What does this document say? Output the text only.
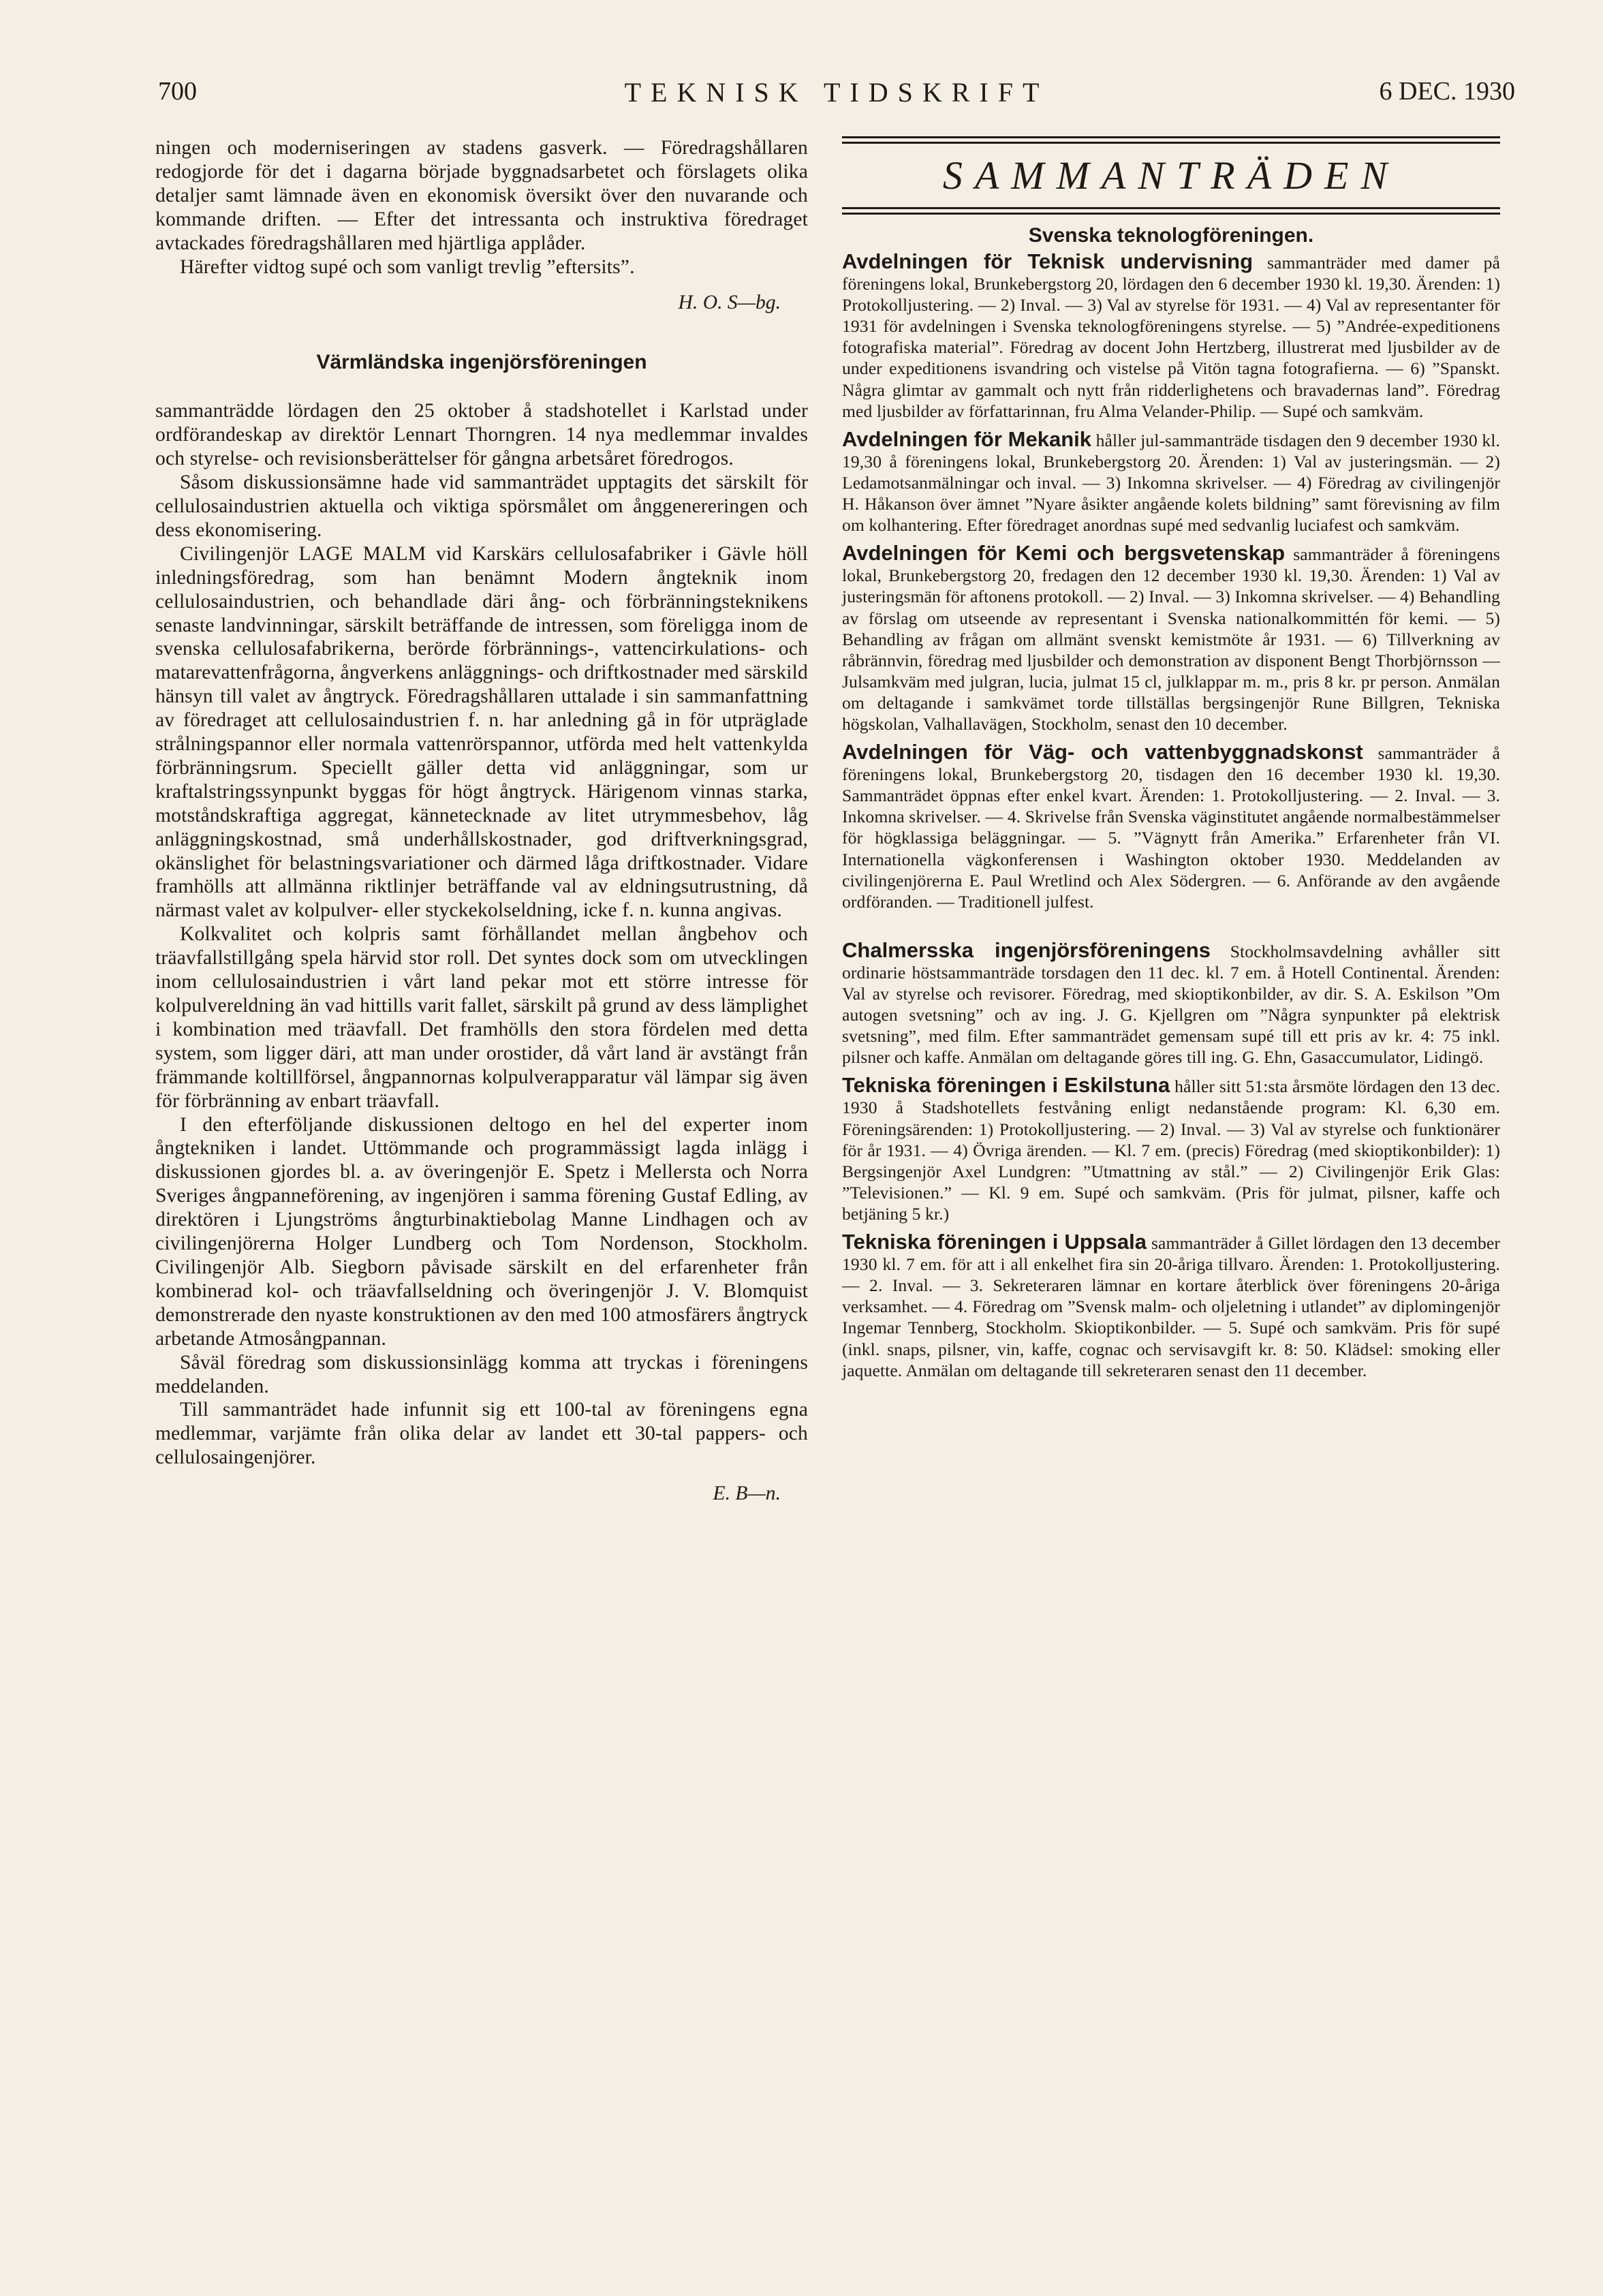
700	TEKNISK TIDSKRIFT	6 DEC. 1930

ningen och moderniseringen av stadens gasverk. — Föredragshållaren redogjorde för det i dagarna började byggnadsarbetet och förslagets olika detaljer samt lämnade även en ekonomisk översikt över den nuvarande och kommande driften. — Efter det intressanta och instruktiva föredraget avtackades föredragshållaren med hjärtliga applåder.

Härefter vidtog supé och som vanligt trevlig ”eftersits”.

H. O. S—bg.
Värmländska ingenjörsföreningen

sammanträdde lördagen den 25 oktober å stadshotellet i Karlstad under ordförandeskap av direktör Lennart Thorngren. 14 nya medlemmar invaldes och styrelse- och revisionsberättelser för gångna arbetsåret föredrogos.

Såsom diskussionsämne hade vid sammanträdet upptagits det särskilt för cellulosaindustrien aktuella och viktiga spörsmålet om ånggenereringen och dess ekonomisering.

Civilingenjör LAGE MALM vid Karskärs cellulosafabriker i Gävle höll inledningsföredrag, som han benämnt Modern ångteknik inom cellulosaindustrien, och behandlade däri ång- och förbränningsteknikens senaste landvinningar, särskilt beträffande de intressen, som föreligga inom de svenska cellulosafabrikerna, berörde förbrännings-, vattencirkulations- och matarevattenfrågorna, ångverkens anläggnings- och driftkostnader med särskild hänsyn till valet av ångtryck. Föredragshållaren uttalade i sin sammanfattning av föredraget att cellulosaindustrien f. n. har anledning gå in för utpräglade strålningspannor eller normala vattenrörspannor, utförda med helt vattenkylda förbränningsrum. Speciellt gäller detta vid anläggningar, som ur kraftalstringssynpunkt byggas för högt ångtryck. Härigenom vinnas starka, motståndskraftiga aggregat, kännetecknade av litet utrymmesbehov, låg anläggningskostnad, små underhållskostnader, god driftverkningsgrad, okänslighet för belastningsvariationer och därmed låga driftkostnader. Vidare framhölls att allmänna riktlinjer beträffande val av eldningsutrustning, då närmast valet av kolpulver- eller styckekolseldning, icke f. n. kunna angivas.

Kolkvalitet och kolpris samt förhållandet mellan ångbehov och träavfallstillgång spela härvid stor roll. Det syntes dock som om utvecklingen inom cellulosaindustrien i vårt land pekar mot ett större intresse för kolpulvereldning än vad hittills varit fallet, särskilt på grund av dess lämplighet i kombination med träavfall. Det framhölls den stora fördelen med detta system, som ligger däri, att man under orostider, då vårt land är avstängt från främmande koltillförsel, ångpannornas kolpulverapparatur väl lämpar sig även för förbränning av enbart träavfall.

I den efterföljande diskussionen deltogo en hel del experter inom ångtekniken i landet. Uttömmande och programmässigt lagda inlägg i diskussionen gjordes bl. a. av överingenjör E. Spetz i Mellersta och Norra Sveriges ångpanneförening, av ingenjören i samma förening Gustaf Edling, av direktören i Ljungströms ångturbinaktiebolag Manne Lindhagen och av civilingenjörerna Holger Lundberg och Tom Nordenson, Stockholm. Civilingenjör Alb. Siegborn påvisade särskilt en del erfarenheter från kombinerad kol- och träavfallseldning och överingenjör J. V. Blomquist demonstrerade den nyaste konstruktionen av den med 100 atmosfärers ångtryck arbetande Atmosångpannan.

Såväl föredrag som diskussionsinlägg komma att tryckas i föreningens meddelanden.

Till sammanträdet hade infunnit sig ett 100-tal av föreningens egna medlemmar, varjämte från olika delar av landet ett 30-tal pappers- och cellulosaingenjörer.

E. B—n.
SAMMANTRÄDEN
Svenska teknologföreningen.

Avdelningen för Teknisk undervisning sammanträder med damer på föreningens lokal, Brunkebergstorg 20, lördagen den 6 december 1930 kl. 19,30. Ärenden: 1) Protokolljustering. — 2) Inval. — 3) Val av styrelse för 1931. — 4) Val av representanter för 1931 för avdelningen i Svenska teknologföreningens styrelse. — 5) ”Andrée-expeditionens fotografiska material”. Föredrag av docent John Hertzberg, illustrerat med ljusbilder av de under expeditionens isvandring och vistelse på Vitön tagna fotografierna. — 6) ”Spanskt. Några glimtar av gammalt och nytt från ridderlighetens och bravadernas land”. Föredrag med ljusbilder av författarinnan, fru Alma Velander-Philip. — Supé och samkväm.

Avdelningen för Mekanik håller jul-sammanträde tisdagen den 9 december 1930 kl. 19,30 å föreningens lokal, Brunkebergstorg 20. Ärenden: 1) Val av justeringsmän. — 2) Ledamotsanmälningar och inval. — 3) Inkomna skrivelser. — 4) Föredrag av civilingenjör H. Håkanson över ämnet ”Nyare åsikter angående kolets bildning” samt förevisning av film om kolhantering. Efter föredraget anordnas supé med sedvanlig luciafest och samkväm.

Avdelningen för Kemi och bergsvetenskap sammanträder å föreningens lokal, Brunkebergstorg 20, fredagen den 12 december 1930 kl. 19,30. Ärenden: 1) Val av justeringsmän för aftonens protokoll. — 2) Inval. — 3) Inkomna skrivelser. — 4) Behandling av förslag om utseende av representant i Svenska nationalkommittén för kemi. — 5) Behandling av frågan om allmänt svenskt kemistmöte år 1931. — 6) Tillverkning av råbrännvin, föredrag med ljusbilder och demonstration av disponent Bengt Thorbjörnsson — Julsamkväm med julgran, lucia, julmat 15 cl, julklappar m. m., pris 8 kr. pr person. Anmälan om deltagande i samkvämet torde tillställas bergsingenjör Rune Billgren, Tekniska högskolan, Valhallavägen, Stockholm, senast den 10 december.

Avdelningen för Väg- och vattenbyggnadskonst sammanträder å föreningens lokal, Brunkebergstorg 20, tisdagen den 16 december 1930 kl. 19,30. Sammanträdet öppnas efter enkel kvart. Ärenden: 1. Protokolljustering. — 2. Inval. — 3. Inkomna skrivelser. — 4. Skrivelse från Svenska väginstitutet angående normalbestämmelser för högklassiga beläggningar. — 5. ”Vägnytt från Amerika.” Erfarenheter från VI. Internationella vägkonferensen i Washington oktober 1930. Meddelanden av civilingenjörerna E. Paul Wretlind och Alex Södergren. — 6. Anförande av den avgående ordföranden. — Traditionell julfest.

Chalmersska ingenjörsföreningens Stockholmsavdelning avhåller sitt ordinarie höstsammanträde torsdagen den 11 dec. kl. 7 em. å Hotell Continental. Ärenden: Val av styrelse och revisorer. Föredrag, med skioptikonbilder, av dir. S. A. Eskilson ”Om autogen svetsning” och av ing. J. G. Kjellgren om ”Några synpunkter på elektrisk svetsning”, med film. Efter sammanträdet gemensam supé till ett pris av kr. 4: 75 inkl. pilsner och kaffe. Anmälan om deltagande göres till ing. G. Ehn, Gasaccumulator, Lidingö.

Tekniska föreningen i Eskilstuna håller sitt 51:sta årsmöte lördagen den 13 dec. 1930 å Stadshotellets festvåning enligt nedanstående program: Kl. 6,30 em. Föreningsärenden: 1) Protokolljustering. — 2) Inval. — 3) Val av styrelse och funktionärer för år 1931. — 4) Övriga ärenden. — Kl. 7 em. (precis) Föredrag (med skioptikonbilder): 1) Bergsingenjör Axel Lundgren: ”Utmattning av stål.” — 2) Civilingenjör Erik Glas: ”Televisionen.” — Kl. 9 em. Supé och samkväm. (Pris för julmat, pilsner, kaffe och betjäning 5 kr.)

Tekniska föreningen i Uppsala sammanträder å Gillet lördagen den 13 december 1930 kl. 7 em. för att i all enkelhet fira sin 20-åriga tillvaro. Ärenden: 1. Protokolljustering. — 2. Inval. — 3. Sekreteraren lämnar en kortare återblick över föreningens 20-åriga verksamhet. — 4. Föredrag om ”Svensk malm- och oljeletning i utlandet” av diplomingenjör Ingemar Tennberg, Stockholm. Skioptikonbilder. — 5. Supé och samkväm. Pris för supé (inkl. snaps, pilsner, vin, kaffe, cognac och servisavgift kr. 8: 50. Klädsel: smoking eller jaquette. Anmälan om deltagande till sekreteraren senast den 11 december.
